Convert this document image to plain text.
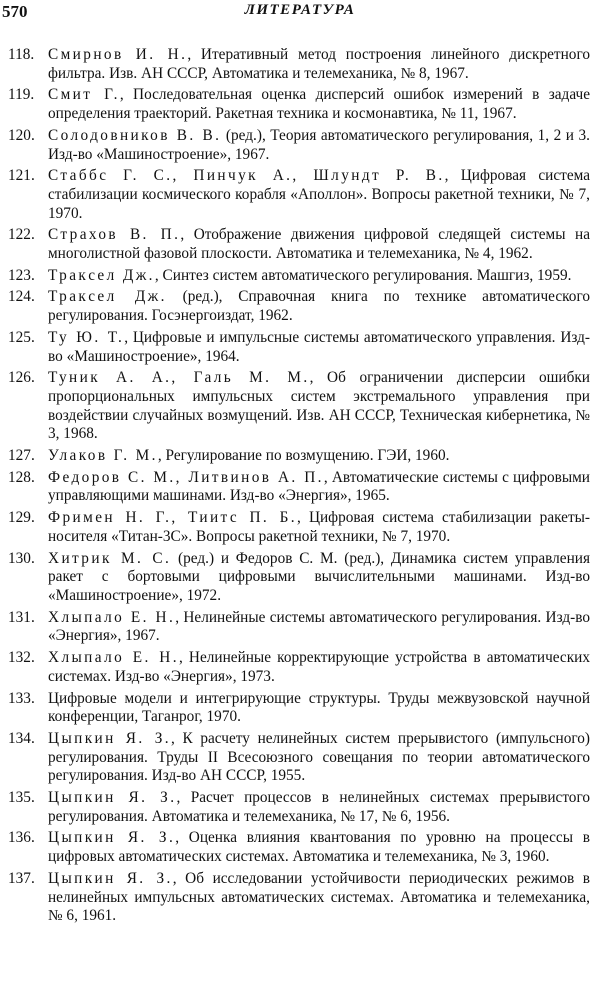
570	ЛИТЕРАТУРА
118. Смирнов И. Н., Итеративный метод построения линейного дискретного фильтра. Изв. АН СССР, Автоматика и телемеханика, № 8, 1967.
119. Смит Г., Последовательная оценка дисперсий ошибок измерений в задаче определения траекторий. Ракетная техника и космонавтика, № 11, 1967.
120. Солодовников В. В. (ред.), Теория автоматического регулирования, 1, 2 и 3. Изд-во «Машиностроение», 1967.
121. Стаббс Г. С., Пинчук А., Шлундт Р. В., Цифровая система стабилизации космического корабля «Аполлон». Вопросы ракетной техники, № 7, 1970.
122. Страхов В. П., Отображение движения цифровой следящей системы на многолистной фазовой плоскости. Автоматика и телемеханика, № 4, 1962.
123. Тракcел Дж., Синтез систем автоматического регулирования. Машгиз, 1959.
124. Тракcел Дж. (ред.), Справочная книга по технике автоматического регулирования. Госэнергоиздат, 1962.
125. Ту Ю. Т., Цифровые и импульсные системы автоматического управления. Изд-во «Машиностроение», 1964.
126. Туник А. А., Галь М. М., Об ограничении дисперсии ошибки пропорциональных импульсных систем экстремального управления при воздействии случайных возмущений. Изв. АН СССР, Техническая кибернетика, № 3, 1968.
127. Улаков Г. М., Регулирование по возмущению. ГЭИ, 1960.
128. Федоров С. М., Литвинов А. П., Автоматические системы с цифровыми управляющими машинами. Изд-во «Энергия», 1965.
129. Фримен Н. Г., Тиитс П. Б., Цифровая система стабилизации ракеты-носителя «Титан-3С». Вопросы ракетной техники, № 7, 1970.
130. Хитрик М. С. (ред.) и Федоров С. М. (ред.), Динамика систем управления ракет с бортовыми цифровыми вычислительными машинами. Изд-во «Машиностроение», 1972.
131. Хлыпало Е. Н., Нелинейные системы автоматического регулирования. Изд-во «Энергия», 1967.
132. Хлыпало Е. Н., Нелинейные корректирующие устройства в автоматических системах. Изд-во «Энергия», 1973.
133. Цифровые модели и интегрирующие структуры. Труды межвузовской научной конференции, Таганрог, 1970.
134. Цыпкин Я. З., К расчету нелинейных систем прерывистого (импульсного) регулирования. Труды II Всесоюзного совещания по теории автоматического регулирования. Изд-во АН СССР, 1955.
135. Цыпкин Я. З., Расчет процессов в нелинейных системах прерывистого регулирования. Автоматика и телемеханика, № 17, № 6, 1956.
136. Цыпкин Я. З., Оценка влияния квантования по уровню на процессы в цифровых автоматических системах. Автоматика и телемеханика, № 3, 1960.
137. Цыпкин Я. З., Об исследовании устойчивости периодических режимов в нелинейных импульсных автоматических системах. Автоматика и телемеханика, № 6, 1961.
